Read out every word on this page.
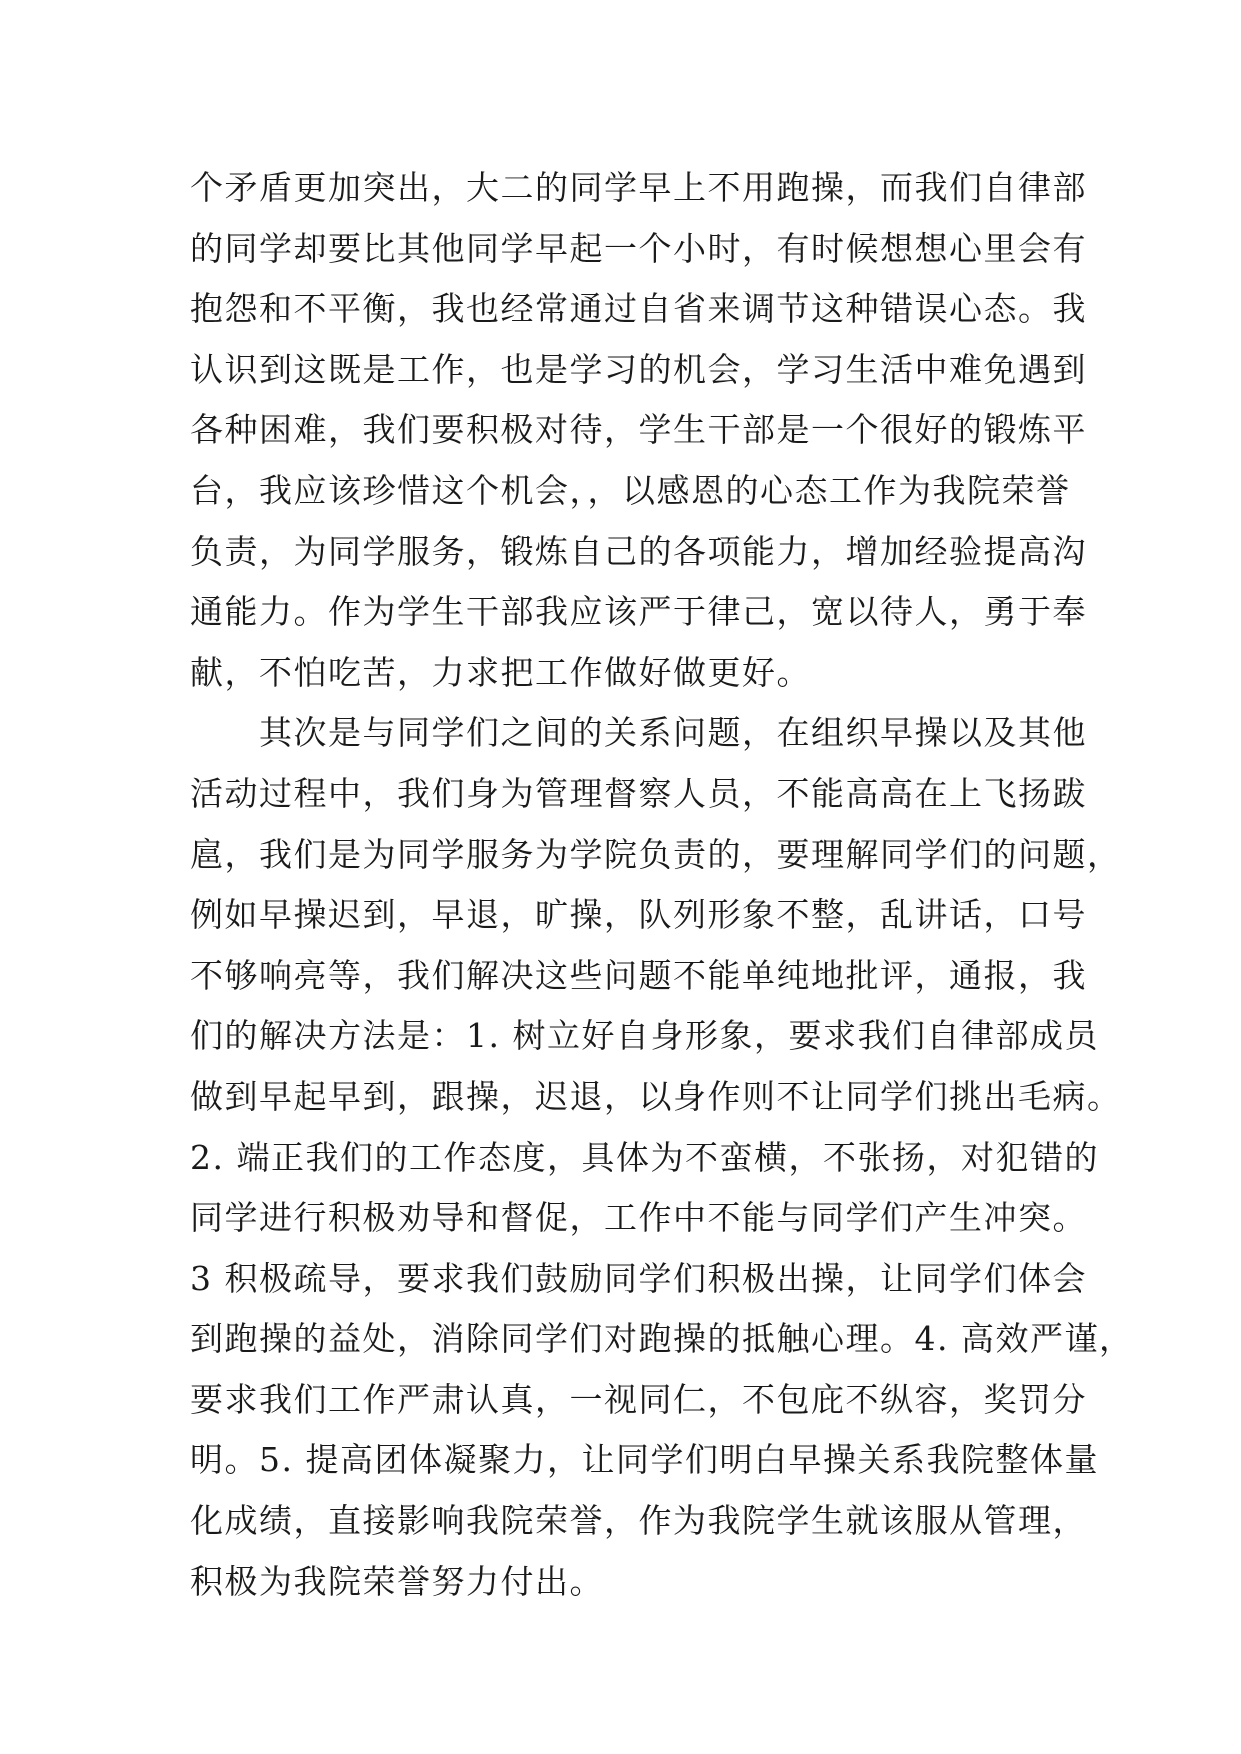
个矛盾更加突出，大二的同学早上不用跑操，而我们自律部
的同学却要比其他同学早起一个小时，有时候想想心里会有
抱怨和不平衡，我也经常通过自省来调节这种错误心态。我
认识到这既是工作，也是学习的机会，学习生活中难免遇到
各种困难，我们要积极对待，学生干部是一个很好的锻炼平
台，我应该珍惜这个机会，，以感恩的心态工作为我院荣誉
负责，为同学服务，锻炼自己的各项能力，增加经验提高沟
通能力。作为学生干部我应该严于律己，宽以待人，勇于奉
献，不怕吃苦，力求把工作做好做更好。
　　其次是与同学们之间的关系问题，在组织早操以及其他
活动过程中，我们身为管理督察人员，不能高高在上飞扬跋
扈，我们是为同学服务为学院负责的，要理解同学们的问题，
例如早操迟到，早退，旷操，队列形象不整，乱讲话，口号
不够响亮等，我们解决这些问题不能单纯地批评，通报，我
们的解决方法是：1. 树立好自身形象，要求我们自律部成员
做到早起早到，跟操，迟退，以身作则不让同学们挑出毛病。
2. 端正我们的工作态度，具体为不蛮横，不张扬，对犯错的
同学进行积极劝导和督促，工作中不能与同学们产生冲突。
3 积极疏导，要求我们鼓励同学们积极出操，让同学们体会
到跑操的益处，消除同学们对跑操的抵触心理。4. 高效严谨，
要求我们工作严肃认真，一视同仁，不包庇不纵容，奖罚分
明。5. 提高团体凝聚力，让同学们明白早操关系我院整体量
化成绩，直接影响我院荣誉，作为我院学生就该服从管理，
积极为我院荣誉努力付出。
